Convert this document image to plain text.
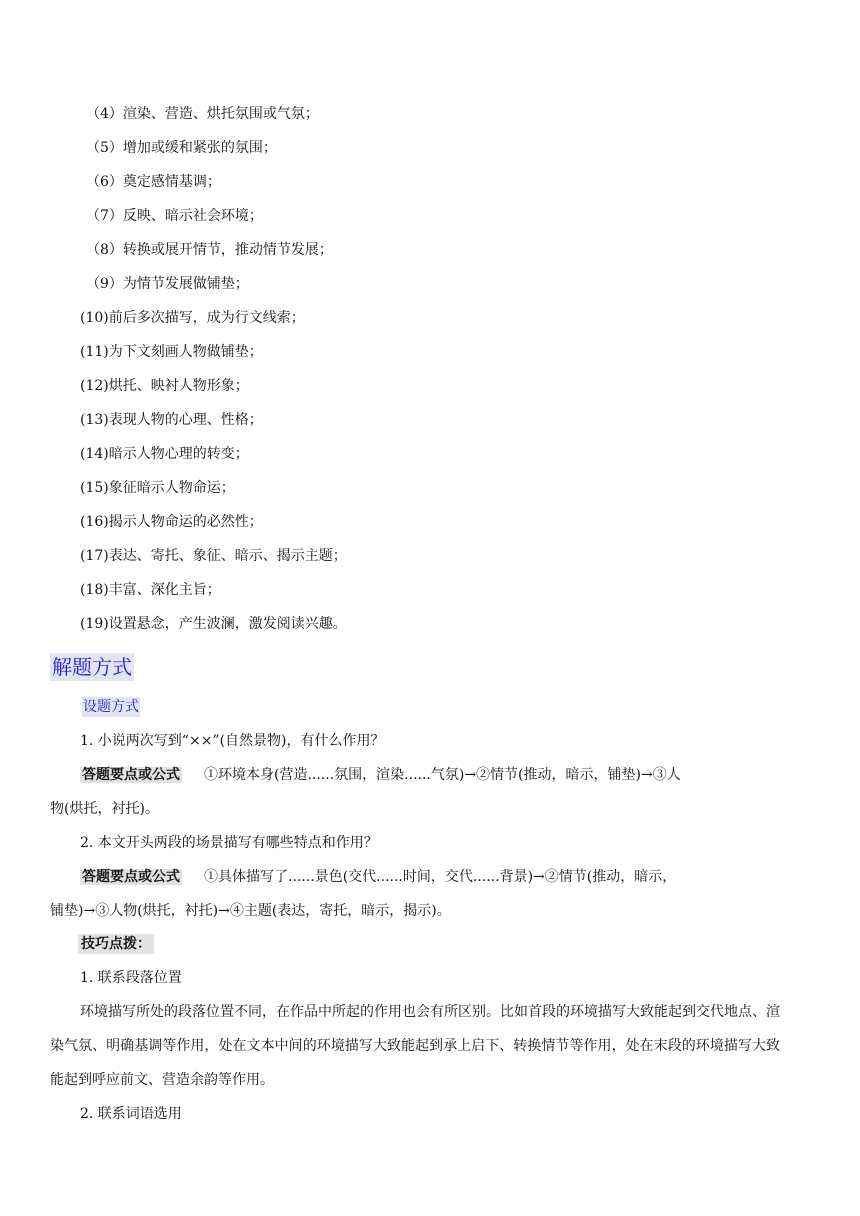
（4）渲染、营造、烘托氛围或气氛；
（5）增加或缓和紧张的氛围；
（6）奠定感情基调；
（7）反映、暗示社会环境；
（8）转换或展开情节，推动情节发展；
（9）为情节发展做铺垫；
(10)前后多次描写，成为行文线索；
(11)为下文刻画人物做铺垫；
(12)烘托、映衬人物形象；
(13)表现人物的心理、性格；
(14)暗示人物心理的转变；
(15)象征暗示人物命运；
(16)揭示人物命运的必然性；
(17)表达、寄托、象征、暗示、揭示主题；
(18)丰富、深化主旨；
(19)设置悬念，产生波澜，激发阅读兴趣。
解题方式
设题方式
1. 小说两次写到“××”(自然景物)，有什么作用？
答题要点或公式 ①环境本身(营造......氛围，渲染......气氛)→②情节(推动，暗示，铺垫)→③人
物(烘托，衬托)。
2. 本文开头两段的场景描写有哪些特点和作用？
答题要点或公式 ①具体描写了......景色(交代......时间，交代......背景)→②情节(推动，暗示，
铺垫)→③人物(烘托，衬托)→④主题(表达，寄托，暗示，揭示)。
技巧点拨：
1. 联系段落位置
环境描写所处的段落位置不同，在作品中所起的作用也会有所区别。比如首段的环境描写大致能起到交代地点、渲染气氛、明确基调等作用，处在文本中间的环境描写大致能起到承上启下、转换情节等作用，处在末段的环境描写大致能起到呼应前文、营造余韵等作用。
2. 联系词语选用
